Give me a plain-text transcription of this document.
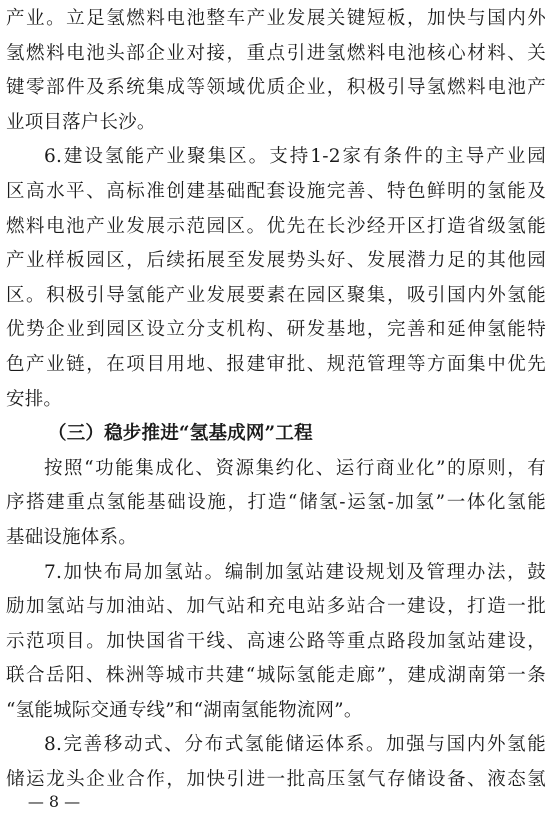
产业。立足氢燃料电池整车产业发展关键短板，加快与国内外
氢燃料电池头部企业对接，重点引进氢燃料电池核心材料、关
键零部件及系统集成等领域优质企业，积极引导氢燃料电池产
业项目落户长沙。
6.建设氢能产业聚集区。支持1-2家有条件的主导产业园
区高水平、高标准创建基础配套设施完善、特色鲜明的氢能及
燃料电池产业发展示范园区。优先在长沙经开区打造省级氢能
产业样板园区，后续拓展至发展势头好、发展潜力足的其他园
区。积极引导氢能产业发展要素在园区聚集，吸引国内外氢能
优势企业到园区设立分支机构、研发基地，完善和延伸氢能特
色产业链，在项目用地、报建审批、规范管理等方面集中优先
安排。
（三）稳步推进“氢基成网”工程
按照“功能集成化、资源集约化、运行商业化”的原则，有
序搭建重点氢能基础设施，打造“储氢-运氢-加氢”一体化氢能
基础设施体系。
7.加快布局加氢站。编制加氢站建设规划及管理办法，鼓
励加氢站与加油站、加气站和充电站多站合一建设，打造一批
示范项目。加快国省干线、高速公路等重点路段加氢站建设，
联合岳阳、株洲等城市共建“城际氢能走廊”，建成湖南第一条
“氢能城际交通专线”和“湖南氢能物流网”。
8.完善移动式、分布式氢能储运体系。加强与国内外氢能
储运龙头企业合作，加快引进一批高压氢气存储设备、液态氢
— 8 —
